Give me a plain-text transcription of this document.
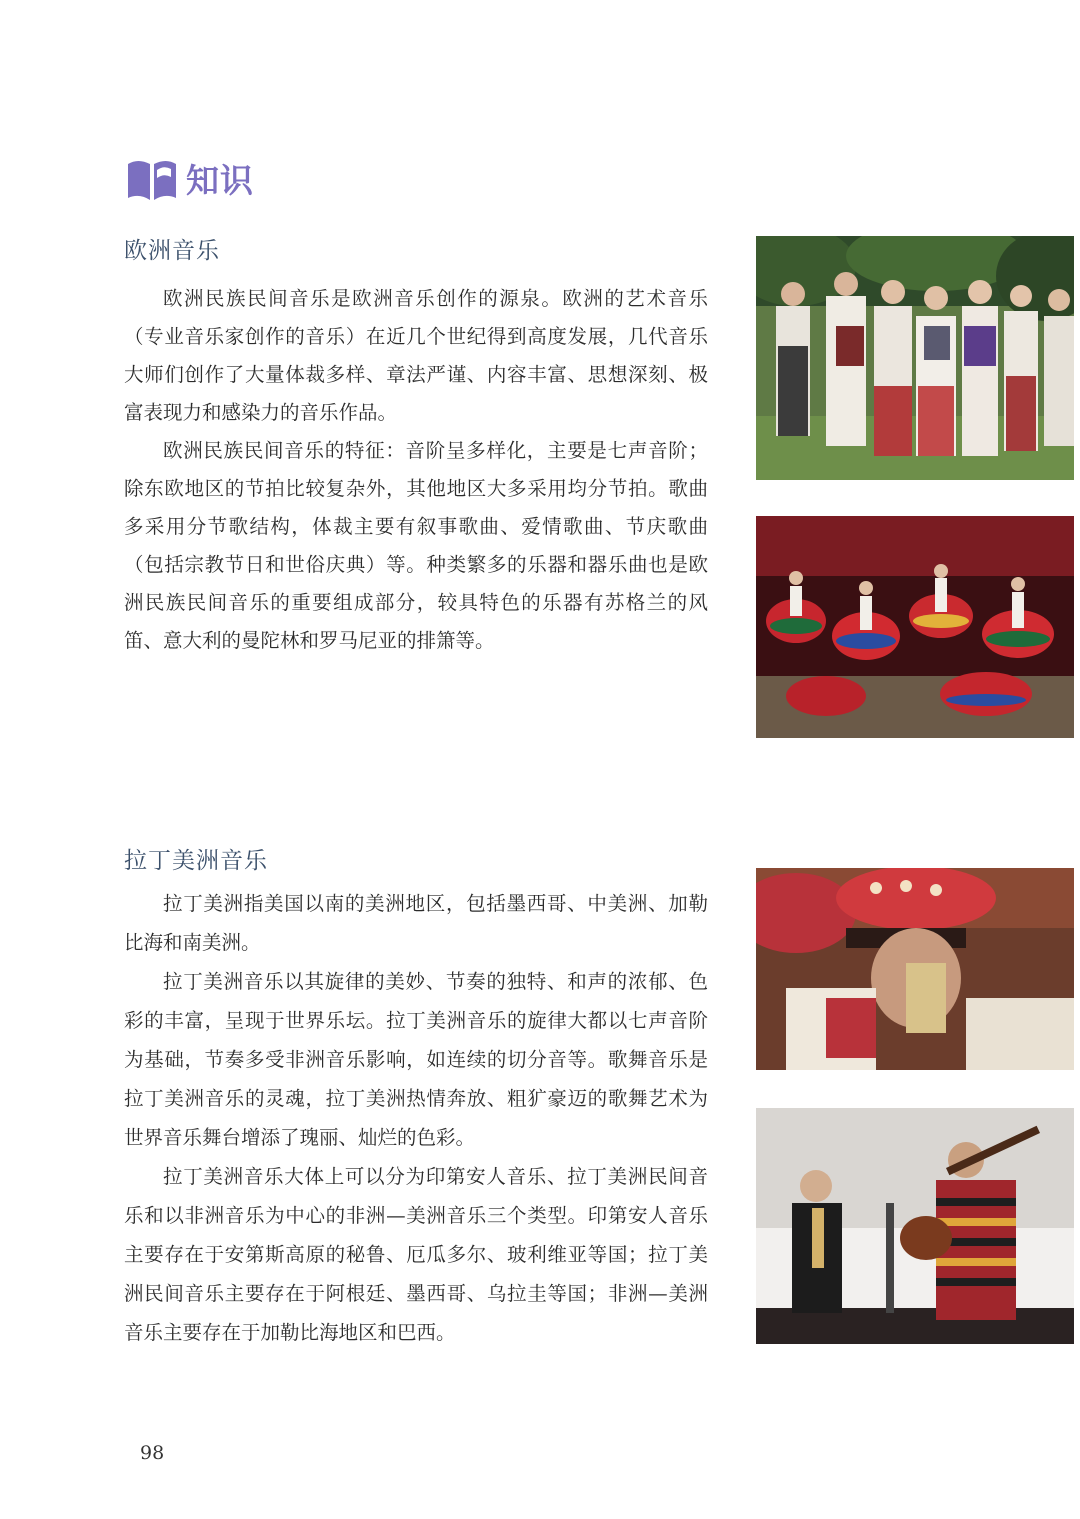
知识
欧洲音乐

欧洲民族民间音乐是欧洲音乐创作的源泉。欧洲的艺术音乐（专业音乐家创作的音乐）在近几个世纪得到高度发展，几代音乐大师们创作了大量体裁多样、章法严谨、内容丰富、思想深刻、极富表现力和感染力的音乐作品。

欧洲民族民间音乐的特征：音阶呈多样化，主要是七声音阶；除东欧地区的节拍比较复杂外，其他地区大多采用均分节拍。歌曲多采用分节歌结构，体裁主要有叙事歌曲、爱情歌曲、节庆歌曲（包括宗教节日和世俗庆典）等。种类繁多的乐器和器乐曲也是欧洲民族民间音乐的重要组成部分，较具特色的乐器有苏格兰的风笛、意大利的曼陀林和罗马尼亚的排箫等。

拉丁美洲音乐

拉丁美洲指美国以南的美洲地区，包括墨西哥、中美洲、加勒比海和南美洲。

拉丁美洲音乐以其旋律的美妙、节奏的独特、和声的浓郁、色彩的丰富，呈现于世界乐坛。拉丁美洲音乐的旋律大都以七声音阶为基础，节奏多受非洲音乐影响，如连续的切分音等。歌舞音乐是拉丁美洲音乐的灵魂，拉丁美洲热情奔放、粗犷豪迈的歌舞艺术为世界音乐舞台增添了瑰丽、灿烂的色彩。

拉丁美洲音乐大体上可以分为印第安人音乐、拉丁美洲民间音乐和以非洲音乐为中心的非洲—美洲音乐三个类型。印第安人音乐主要存在于安第斯高原的秘鲁、厄瓜多尔、玻利维亚等国；拉丁美洲民间音乐主要存在于阿根廷、墨西哥、乌拉圭等国；非洲—美洲音乐主要存在于加勒比海地区和巴西。

98
